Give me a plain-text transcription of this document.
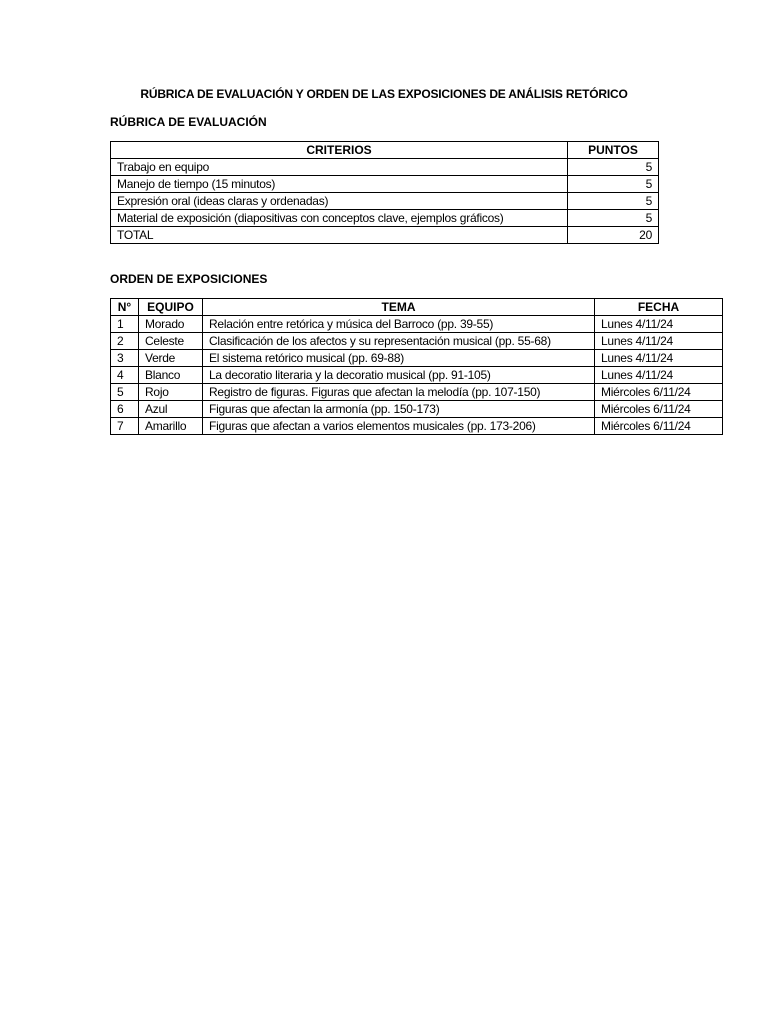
RÚBRICA DE EVALUACIÓN Y ORDEN DE LAS EXPOSICIONES DE ANÁLISIS RETÓRICO
RÚBRICA DE EVALUACIÓN
CRITERIOS	PUNTOS
Trabajo en equipo	5
Manejo de tiempo (15 minutos)	5
Expresión oral (ideas claras y ordenadas)	5
Material de exposición (diapositivas con conceptos clave, ejemplos gráficos)	5
TOTAL	20
ORDEN DE EXPOSICIONES
N°	EQUIPO	TEMA	FECHA
1	Morado	Relación entre retórica y música del Barroco (pp. 39-55)	Lunes 4/11/24
2	Celeste	Clasificación de los afectos y su representación musical (pp. 55-68)	Lunes 4/11/24
3	Verde	El sistema retórico musical (pp. 69-88)	Lunes 4/11/24
4	Blanco	La decoratio literaria y la decoratio musical (pp. 91-105)	Lunes 4/11/24
5	Rojo	Registro de figuras. Figuras que afectan la melodía (pp. 107-150)	Miércoles 6/11/24
6	Azul	Figuras que afectan la armonía (pp. 150-173)	Miércoles 6/11/24
7	Amarillo	Figuras que afectan a varios elementos musicales (pp. 173-206)	Miércoles 6/11/24
